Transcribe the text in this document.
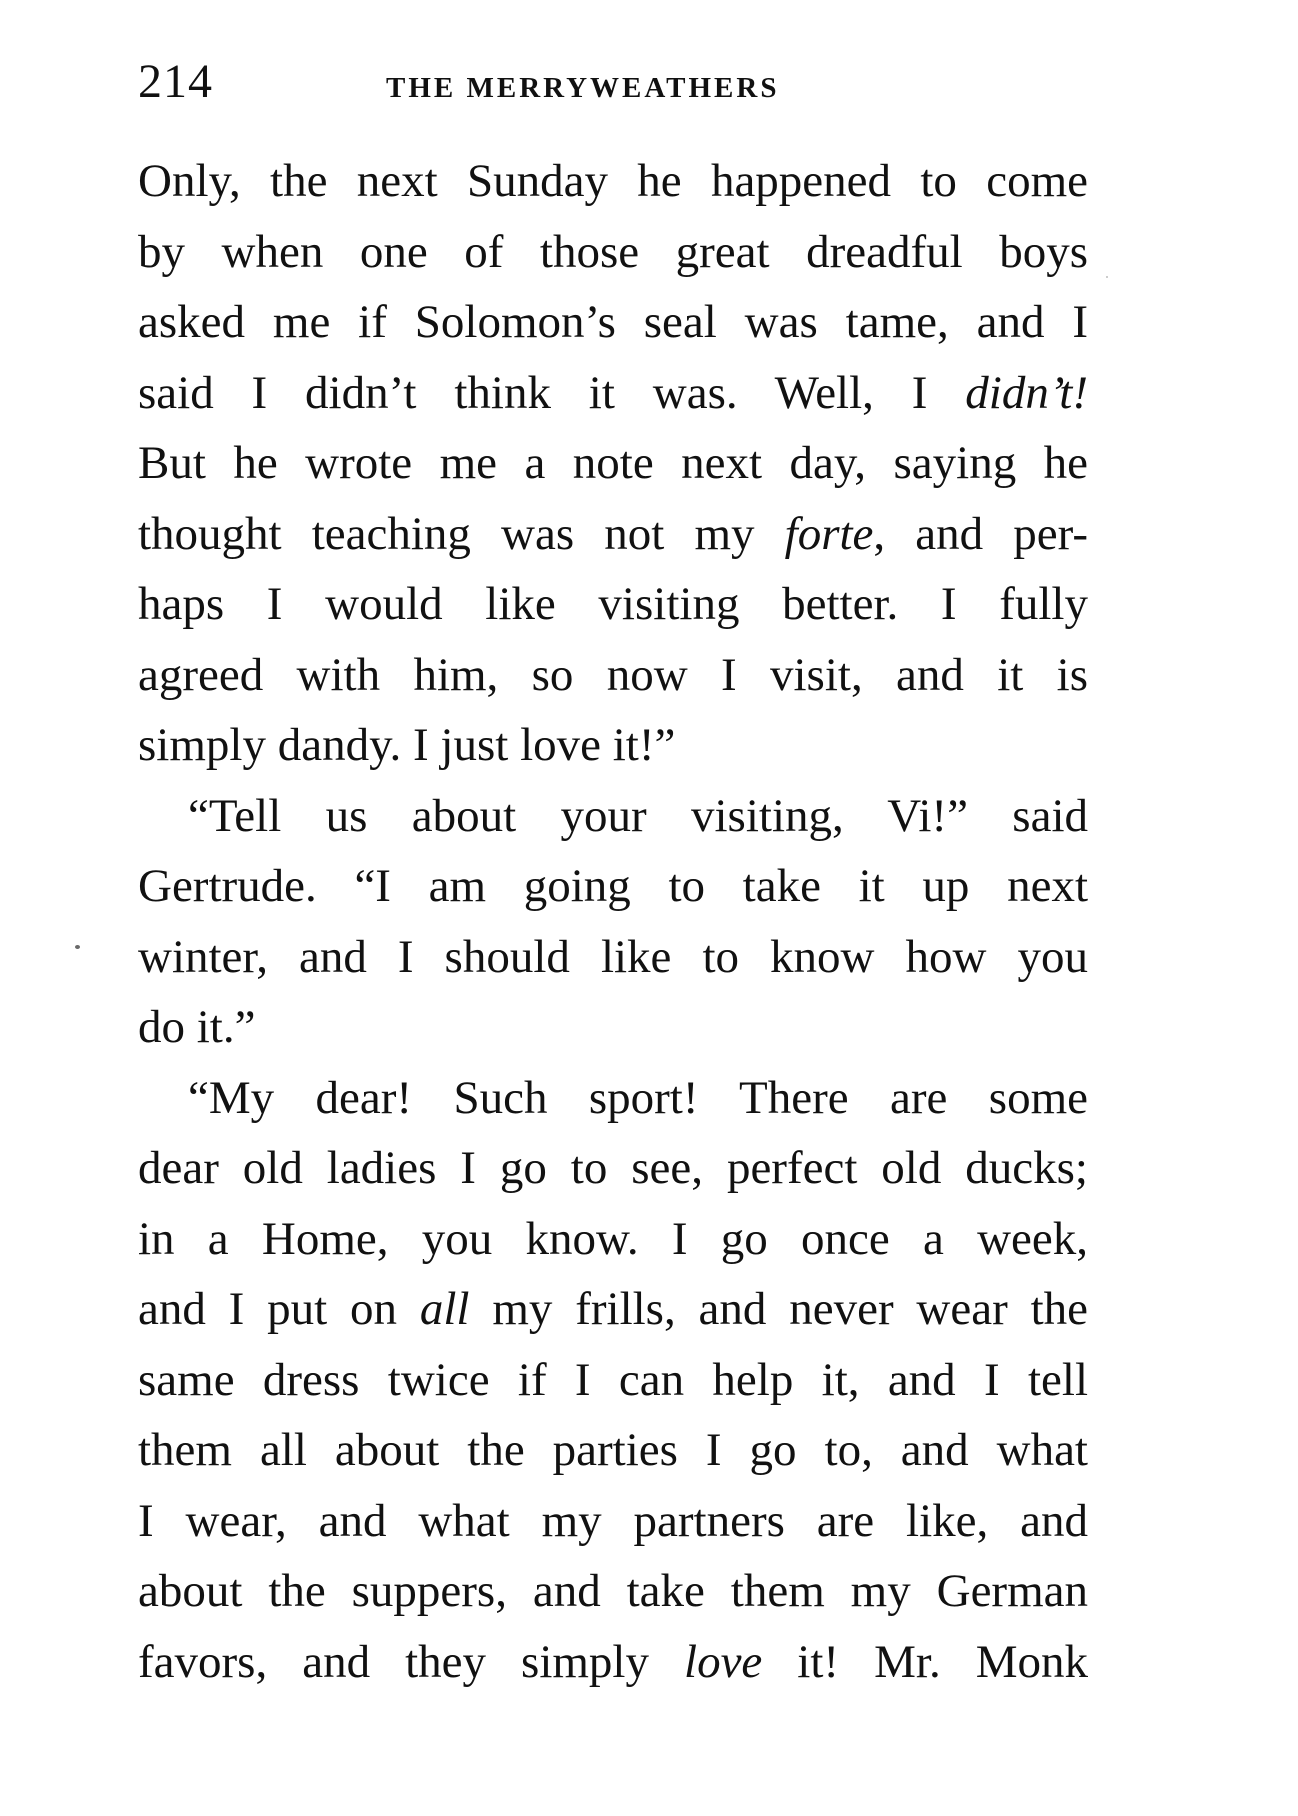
214	THE MERRYWEATHERS
Only, the next Sunday he happened to come
by when one of those great dreadful boys
asked me if Solomon’s seal was tame, and I
said I didn’t think it was. Well, I didn’t!
But he wrote me a note next day, saying he
thought teaching was not my forte, and per-
haps I would like visiting better. I fully
agreed with him, so now I visit, and it is
simply dandy. I just love it!”
“Tell us about your visiting, Vi!” said
Gertrude. “I am going to take it up next
winter, and I should like to know how you
do it.”
“My dear! Such sport! There are some
dear old ladies I go to see, perfect old ducks;
in a Home, you know. I go once a week,
and I put on all my frills, and never wear the
same dress twice if I can help it, and I tell
them all about the parties I go to, and what
I wear, and what my partners are like, and
about the suppers, and take them my German
favors, and they simply love it! Mr. Monk
